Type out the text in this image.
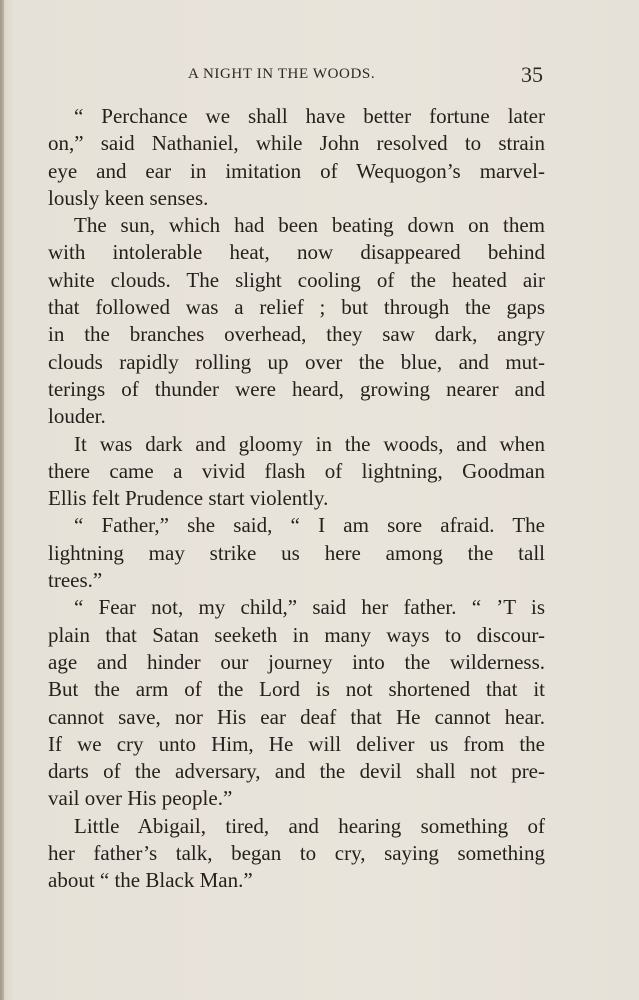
A NIGHT IN THE WOODS.	35
“ Perchance we shall have better fortune later
on,” said Nathaniel, while John resolved to strain
eye and ear in imitation of Wequogon’s marvel-
lously keen senses.
The sun, which had been beating down on them
with intolerable heat, now disappeared behind
white clouds. The slight cooling of the heated air
that followed was a relief ; but through the gaps
in the branches overhead, they saw dark, angry
clouds rapidly rolling up over the blue, and mut-
terings of thunder were heard, growing nearer and
louder.
It was dark and gloomy in the woods, and when
there came a vivid flash of lightning, Goodman
Ellis felt Prudence start violently.
“ Father,” she said, “ I am sore afraid. The
lightning may strike us here among the tall
trees.”
“ Fear not, my child,” said her father. “ ’T is
plain that Satan seeketh in many ways to discour-
age and hinder our journey into the wilderness.
But the arm of the Lord is not shortened that it
cannot save, nor His ear deaf that He cannot hear.
If we cry unto Him, He will deliver us from the
darts of the adversary, and the devil shall not pre-
vail over His people.”
Little Abigail, tired, and hearing something of
her father’s talk, began to cry, saying something
about “ the Black Man.”
